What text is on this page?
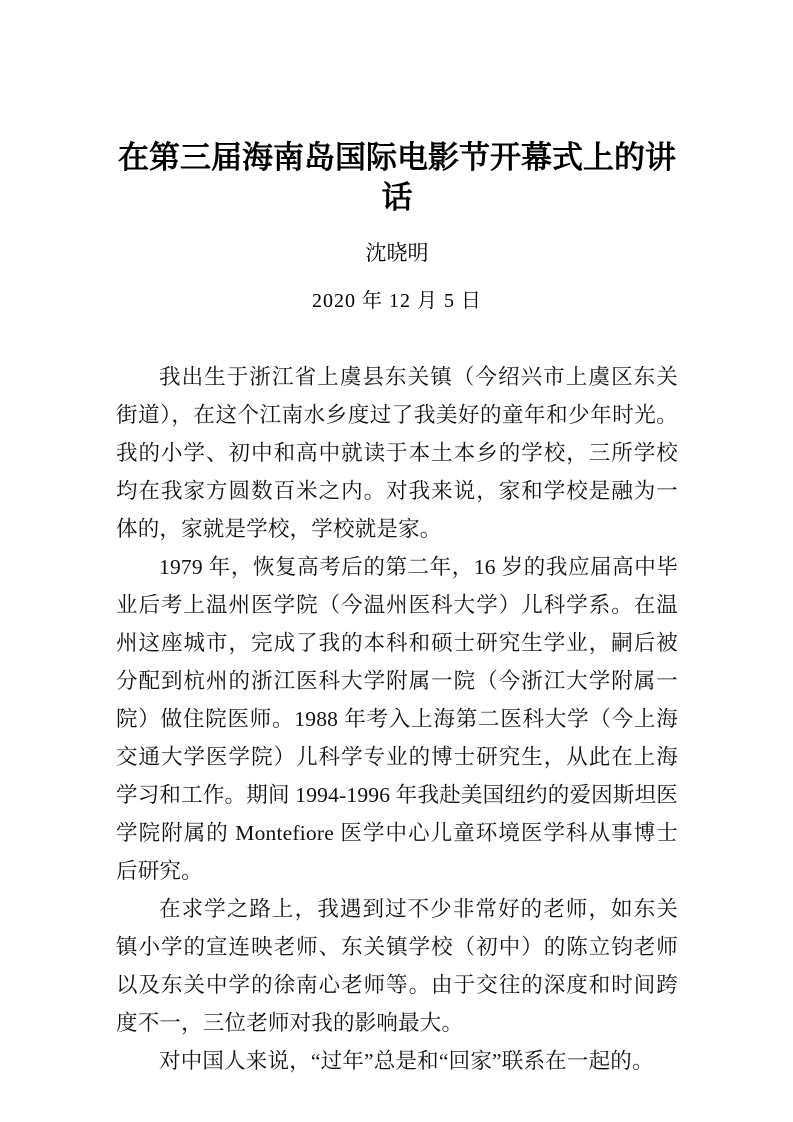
在第三届海南岛国际电影节开幕式上的讲话
沈晓明
2020 年 12 月 5 日

我出生于浙江省上虞县东关镇（今绍兴市上虞区东关街道），在这个江南水乡度过了我美好的童年和少年时光。我的小学、初中和高中就读于本土本乡的学校，三所学校均在我家方圆数百米之内。对我来说，家和学校是融为一体的，家就是学校，学校就是家。

1979 年，恢复高考后的第二年，16 岁的我应届高中毕业后考上温州医学院（今温州医科大学）儿科学系。在温州这座城市，完成了我的本科和硕士研究生学业，嗣后被分配到杭州的浙江医科大学附属一院（今浙江大学附属一院）做住院医师。1988 年考入上海第二医科大学（今上海交通大学医学院）儿科学专业的博士研究生，从此在上海学习和工作。期间 1994-1996 年我赴美国纽约的爱因斯坦医学院附属的 Montefiore 医学中心儿童环境医学科从事博士后研究。

在求学之路上，我遇到过不少非常好的老师，如东关镇小学的宣连映老师、东关镇学校（初中）的陈立钧老师以及东关中学的徐南心老师等。由于交往的深度和时间跨度不一，三位老师对我的影响最大。

对中国人来说，“过年”总是和“回家”联系在一起的。
